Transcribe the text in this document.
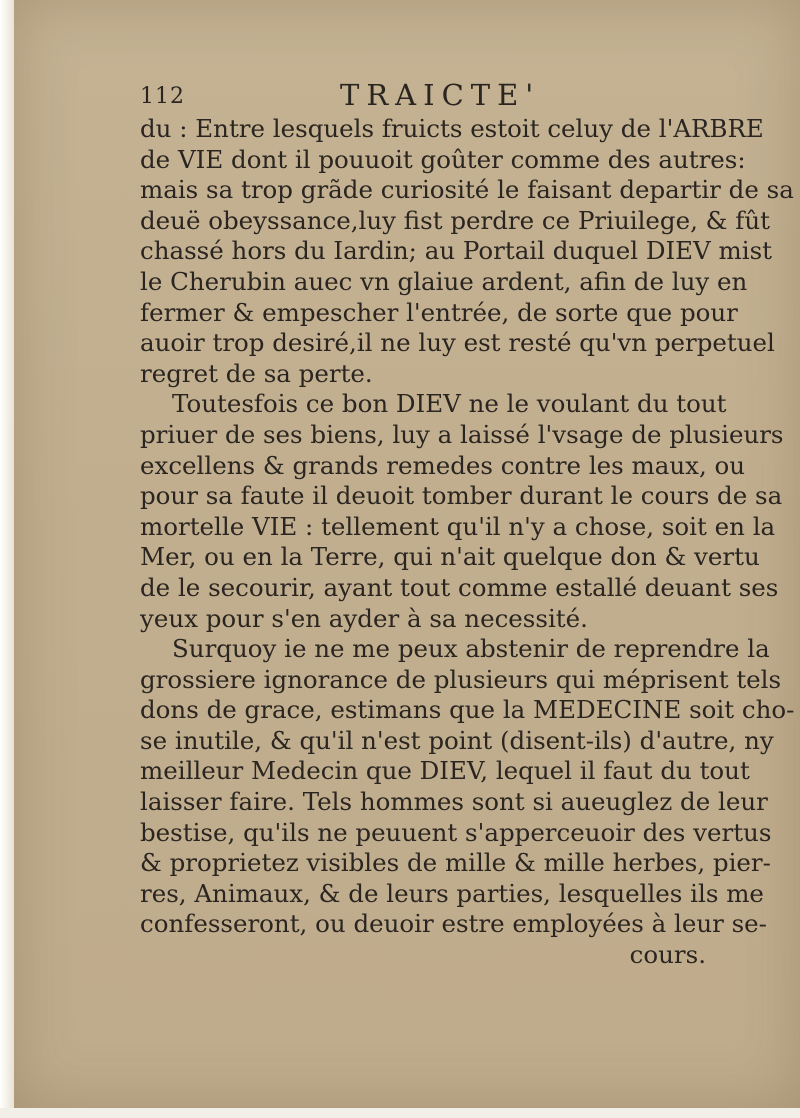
112	TRAICTE'
du : Entre lesquels fruicts estoit celuy de l'ARBRE
de VIE dont il pouuoit goûter comme des autres:
mais sa trop grãde curiosité le faisant departir de sa
deuë obeyssance,luy fist perdre ce Priuilege, & fût
chassé hors du Iardin; au Portail duquel DIEV mist
le Cherubin auec vn glaiue ardent, afin de luy en
fermer & empescher l'entrée, de sorte que pour
auoir trop desiré,il ne luy est resté qu'vn perpetuel
regret de sa perte.
Toutesfois ce bon DIEV ne le voulant du tout
priuer de ses biens, luy a laissé l'vsage de plusieurs
excellens & grands remedes contre les maux, ou
pour sa faute il deuoit tomber durant le cours de sa
mortelle VIE : tellement qu'il n'y a chose, soit en la
Mer, ou en la Terre, qui n'ait quelque don & vertu
de le secourir, ayant tout comme estallé deuant ses
yeux pour s'en ayder à sa necessité.
Surquoy ie ne me peux abstenir de reprendre la
grossiere ignorance de plusieurs qui méprisent tels
dons de grace, estimans que la MEDECINE soit cho-
se inutile, & qu'il n'est point (disent-ils) d'autre, ny
meilleur Medecin que DIEV, lequel il faut du tout
laisser faire. Tels hommes sont si aueuglez de leur
bestise, qu'ils ne peuuent s'apperceuoir des vertus
& proprietez visibles de mille & mille herbes, pier-
res, Animaux, & de leurs parties, lesquelles ils me
confesseront, ou deuoir estre employées à leur se-
cours.
